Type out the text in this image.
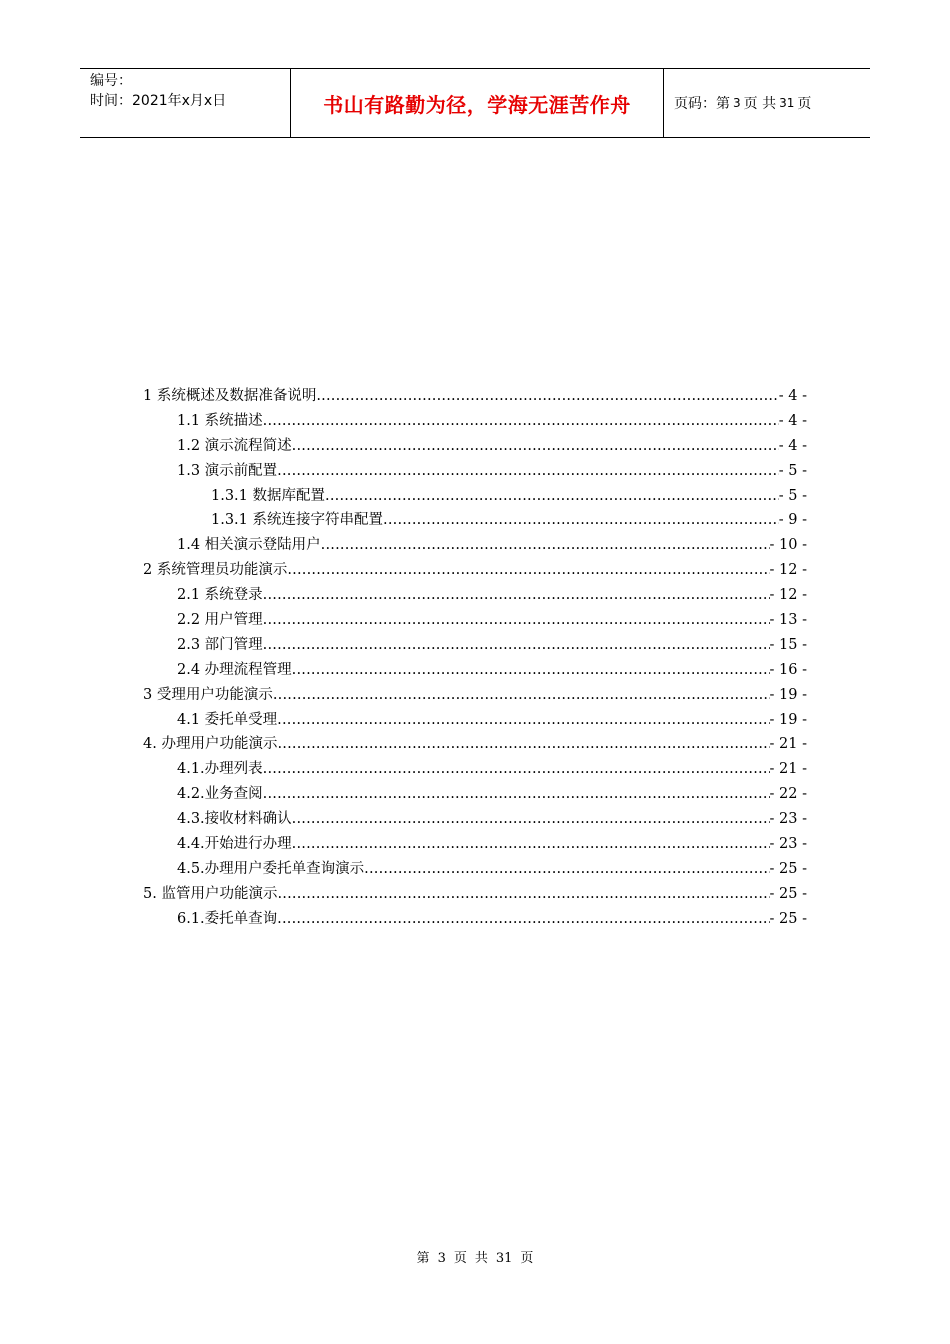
编号：
时间：2021年x月x日	书山有路勤为径，学海无涯苦作舟	页码：第 3 页 共 31 页
1 系统概述及数据准备说明 .....	- 4 -
1.1 系统描述 .....	- 4 -
1.2 演示流程简述 .....	- 4 -
1.3 演示前配置 .....	- 5 -
1.3.1 数据库配置 .....	- 5 -
1.3.1 系统连接字符串配置 .....	- 9 -
1.4 相关演示登陆用户 .....	- 10 -
2 系统管理员功能演示 .....	- 12 -
2.1 系统登录 .....	- 12 -
2.2 用户管理 .....	- 13 -
2.3 部门管理 .....	- 15 -
2.4 办理流程管理 .....	- 16 -
3 受理用户功能演示 .....	- 19 -
4.1 委托单受理 .....	- 19 -
4. 办理用户功能演示 .....	- 21 -
4.1.办理列表 .....	- 21 -
4.2.业务查阅 .....	- 22 -
4.3.接收材料确认 .....	- 23 -
4.4.开始进行办理 .....	- 23 -
4.5.办理用户委托单查询演示 .....	- 25 -
5. 监管用户功能演示 .....	- 25 -
6.1.委托单查询 .....	- 25 -
第 3 页 共 31 页
